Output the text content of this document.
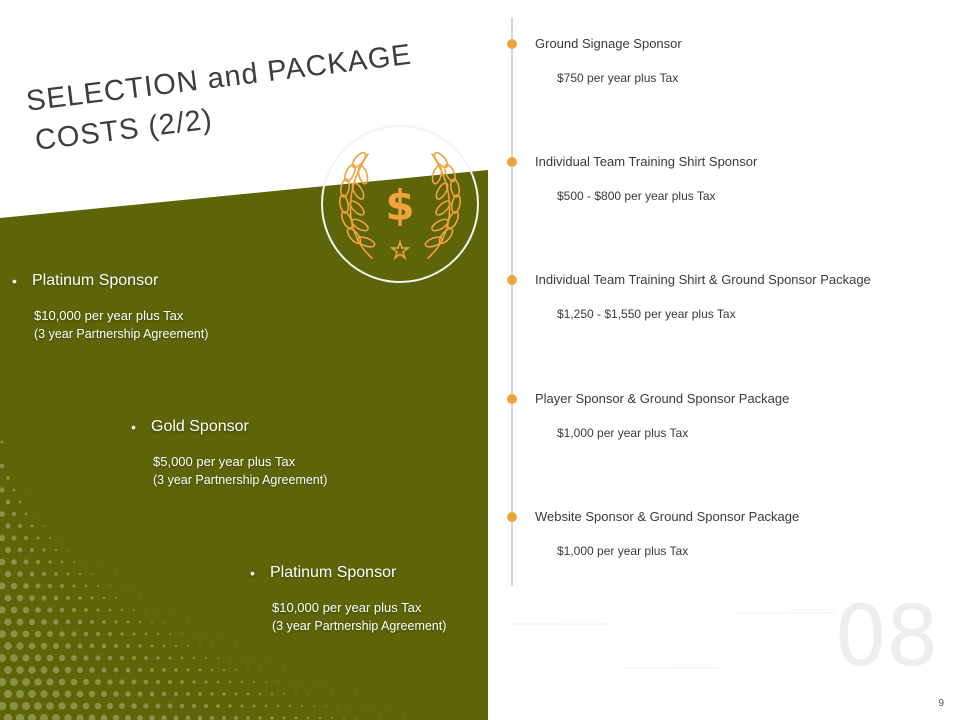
SELECTION and PACKAGE
COSTS (2/2)
$
• Platinum Sponsor
$10,000 per year plus Tax
(3 year Partnership Agreement)
• Gold Sponsor
$5,000 per year plus Tax
(3 year Partnership Agreement)
• Platinum Sponsor
$10,000 per year plus Tax
(3 year Partnership Agreement)
Ground Signage Sponsor
$750 per year plus Tax
Individual Team Training Shirt Sponsor
$500 - $800 per year plus Tax
Individual Team Training Shirt & Ground Sponsor Package
$1,250 - $1,550 per year plus Tax
Player Sponsor & Ground Sponsor Package
$1,000 per year plus Tax
Website Sponsor & Ground Sponsor Package
$1,000 per year plus Tax
08
9
